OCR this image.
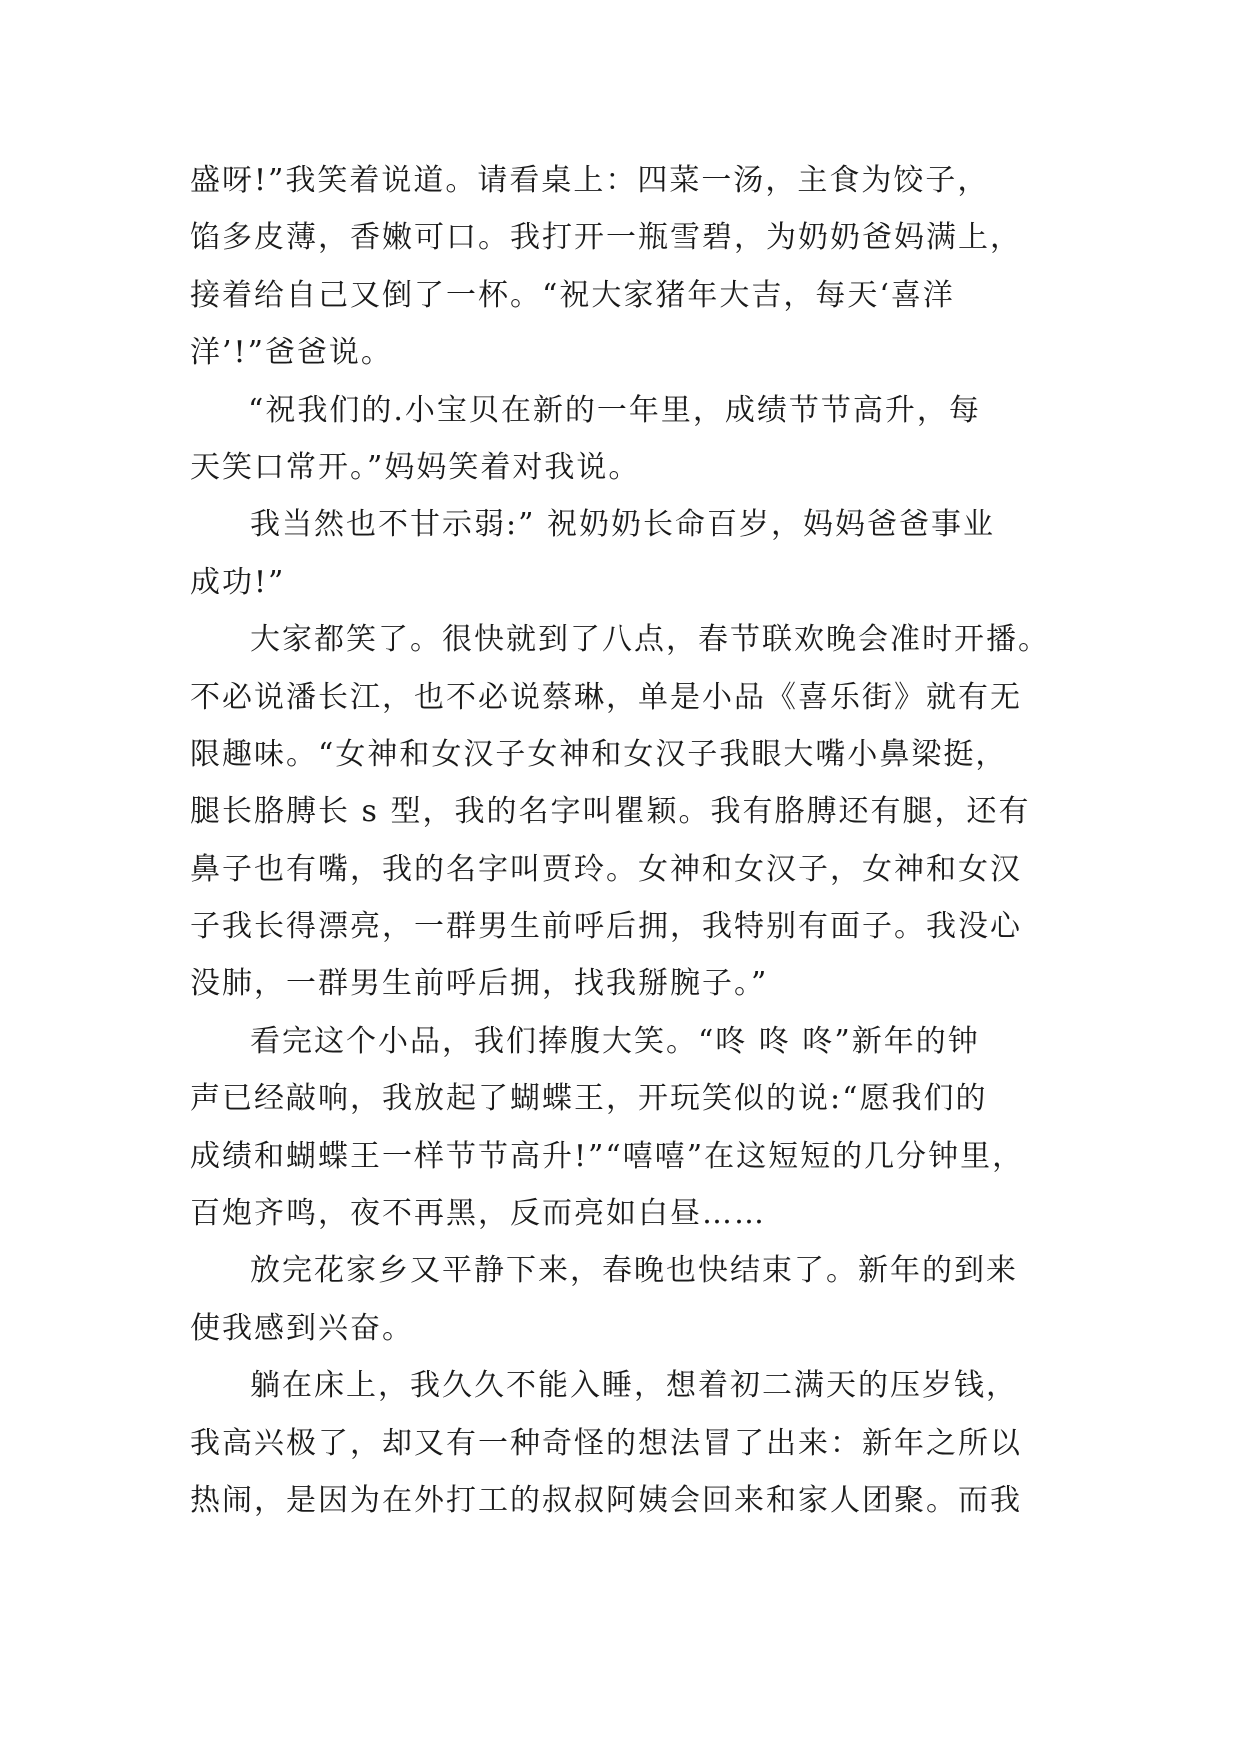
盛呀!”我笑着说道。请看桌上：四菜一汤，主食为饺子，
馅多皮薄，香嫩可口。我打开一瓶雪碧，为奶奶爸妈满上，
接着给自己又倒了一杯。“祝大家猪年大吉，每天‘喜洋
洋’!”爸爸说。
“祝我们的.小宝贝在新的一年里，成绩节节高升，每
天笑口常开。”妈妈笑着对我说。
我当然也不甘示弱:” 祝奶奶长命百岁，妈妈爸爸事业
成功!”
大家都笑了。很快就到了八点，春节联欢晚会准时开播。
不必说潘长江，也不必说蔡琳，单是小品《喜乐街》就有无
限趣味。“女神和女汉子女神和女汉子我眼大嘴小鼻梁挺，
腿长胳膊长 s 型，我的名字叫瞿颖。我有胳膊还有腿，还有
鼻子也有嘴，我的名字叫贾玲。女神和女汉子，女神和女汉
子我长得漂亮，一群男生前呼后拥，我特别有面子。我没心
没肺，一群男生前呼后拥，找我掰腕子。”
看完这个小品，我们捧腹大笑。“咚 咚 咚”新年的钟
声已经敲响，我放起了蝴蝶王，开玩笑似的说:“愿我们的
成绩和蝴蝶王一样节节高升!”“嘻嘻”在这短短的几分钟里，
百炮齐鸣，夜不再黑，反而亮如白昼……
放完花家乡又平静下来，春晚也快结束了。新年的到来
使我感到兴奋。
躺在床上，我久久不能入睡，想着初二满天的压岁钱，
我高兴极了，却又有一种奇怪的想法冒了出来：新年之所以
热闹，是因为在外打工的叔叔阿姨会回来和家人团聚。而我
